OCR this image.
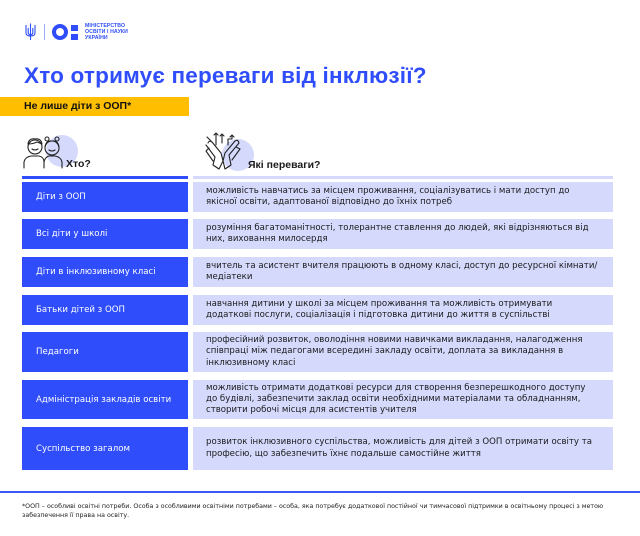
МІНІСТЕРСТВО
ОСВІТИ І НАУКИ
УКРАЇНИ
Хто отримує переваги від інклюзії?
Не лише діти з ООП*
Хто?	Які переваги?
Діти з ООП
можливість навчатись за місцем проживання, соціалізуватись і мати доступ до якісної освіти, адаптованої відповідно до їхніх потреб
Всі діти у школі
розуміння багатоманітності, толерантне ставлення до людей, які відрізняються від них, виховання милосердя
Діти в інклюзивному класі
вчитель та асистент вчителя працюють в одному класі, доступ до ресурсної кімнати/медіатеки
Батьки дітей з ООП
навчання дитини у школі за місцем проживання та можливість отримувати додаткові послуги, соціалізація і підготовка дитини до життя в суспільстві
Педагоги
професійний розвиток, оволодіння новими навичками викладання, налагодження співпраці між педагогами всередині закладу освіти, доплата за викладання в інклюзивному класі
Адміністрація закладів освіти
можливість отримати додаткові ресурси для створення безперешкодного доступу до будівлі, забезпечити заклад освіти необхідними матеріалами та обладнанням, створити робочі місця для асистентів учителя
Суспільство загалом
розвиток інклюзивного суспільства, можливість для дітей з ООП отримати освіту та професію, що забезпечить їхнє подальше самостійне життя

*ООП – особливі освітні потреби. Особа з особливими освітніми потребами – особа, яка потребує додаткової постійної чи тимчасової підтримки в освітньому процесі з метою забезпечення її права на освіту.
